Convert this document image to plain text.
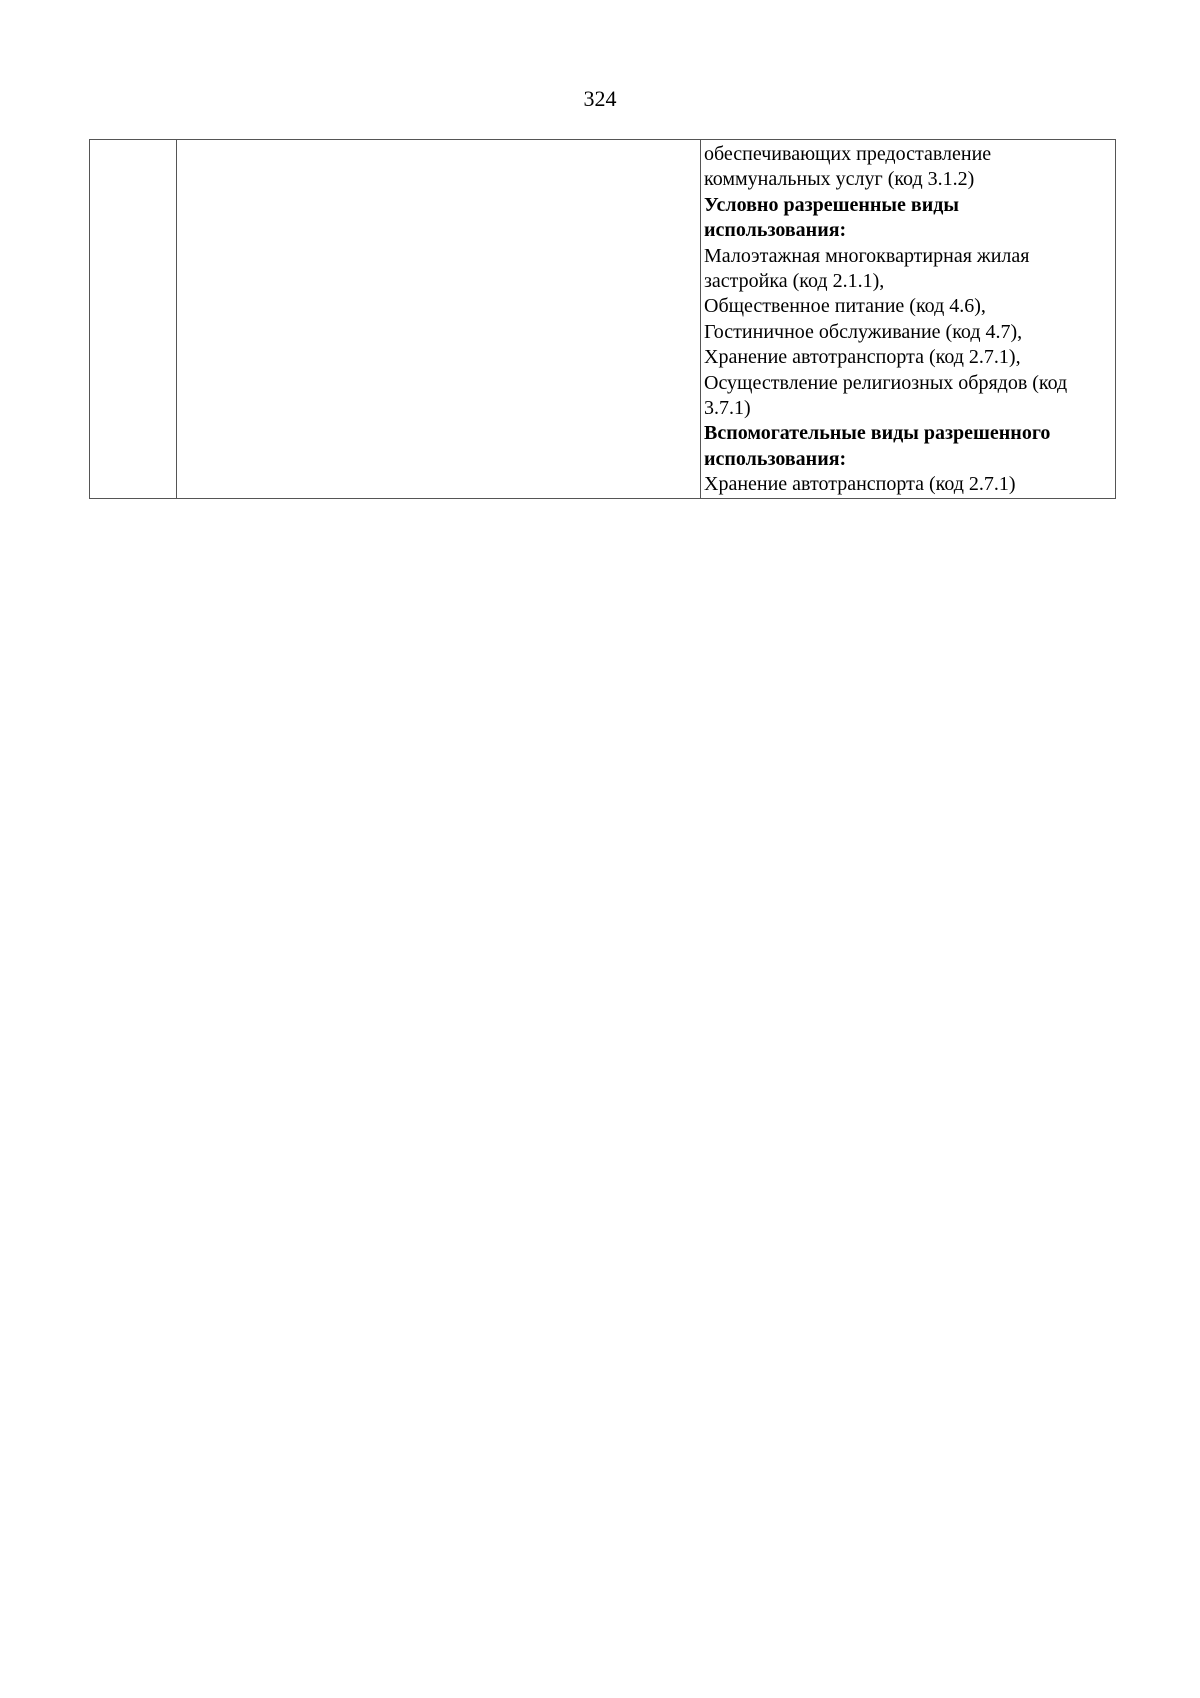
324

обеспечивающих предоставление
коммунальных услуг (код 3.1.2)
Условно разрешенные виды
использования:
Малоэтажная многоквартирная жилая
застройка (код 2.1.1),
Общественное питание (код 4.6),
Гостиничное обслуживание (код 4.7),
Хранение автотранспорта (код 2.7.1),
Осуществление религиозных обрядов (код
3.7.1)
Вспомогательные виды разрешенного
использования:
Хранение автотранспорта (код 2.7.1)
